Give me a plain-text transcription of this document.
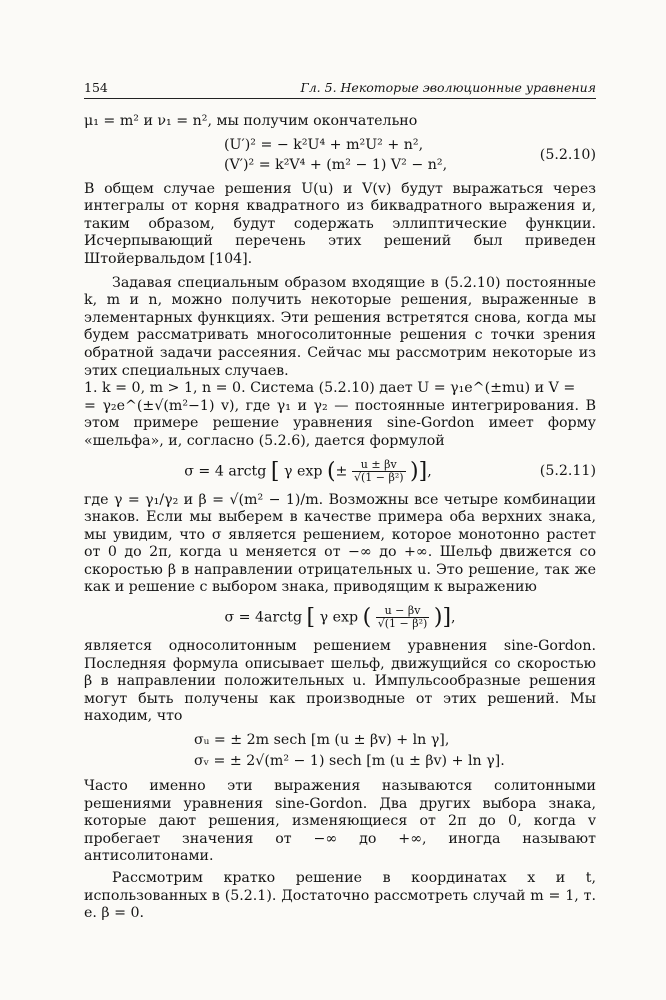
154	Гл. 5. Некоторые эволюционные уравнения

μ₁ = m² и ν₁ = n², мы получим окончательно

(U′)² = − k²U⁴ + m²U² + n²,
(V′)² = k²V⁴ + (m² − 1) V² − n²,
(5.2.10)

В общем случае решения U(u) и V(v) будут выражаться через интегралы от корня квадратного из биквадратного выражения и, таким образом, будут содержать эллиптические функции. Исчерпывающий перечень этих решений был приведен Штойервальдом [104].

Задавая специальным образом входящие в (5.2.10) постоянные k, m и n, можно получить некоторые решения, выраженные в элементарных функциях. Эти решения встретятся снова, когда мы будем рассматривать многосолитонные решения с точки зрения обратной задачи рассеяния. Сейчас мы рассмотрим некоторые из этих специальных случаев.

1. k = 0, m > 1, n = 0. Система (5.2.10) дает U = γ₁e^(±mu) и V =

= γ₂e^(±√(m²−1) v), где γ₁ и γ₂ — постоянные интегрирования. В этом примере решение уравнения sine-Gordon имеет форму «шельфа», и, согласно (5.2.6), дается формулой

σ = 4 arctg [ γ exp (± $\frac{u \pm \beta v}{\text{√(1 − β²)}}$ )],	(5.2.11)

где γ = γ₁/γ₂ и β = √(m² − 1)/m. Возможны все четыре комбинации знаков. Если мы выберем в качестве примера оба верхних знака, мы увидим, что σ является решением, которое монотонно растет от 0 до 2π, когда u меняется от −∞ до +∞. Шельф движется со скоростью β в направлении отрицательных u. Это решение, так же как и решение с выбором знака, приводящим к выражению

σ = 4arctg [ γ exp ( $\frac{u - \beta v}{\text{√(1 − β²)}}$ )],

является односолитонным решением уравнения sine-Gordon. Последняя формула описывает шельф, движущийся со скоростью β в направлении положительных u. Импульсообразные решения могут быть получены как производные от этих решений. Мы находим, что

σᵤ = ± 2m sech [m (u ± βv) + ln γ],
σᵥ = ± 2√(m² − 1) sech [m (u ± βv) + ln γ].

Часто именно эти выражения называются солитонными решениями уравнения sine-Gordon. Два других выбора знака, которые дают решения, изменяющиеся от 2π до 0, когда v пробегает значения от −∞ до +∞, иногда называют антисолитонами.

Рассмотрим кратко решение в координатах x и t, использованных в (5.2.1). Достаточно рассмотреть случай m = 1, т. е. β = 0.
